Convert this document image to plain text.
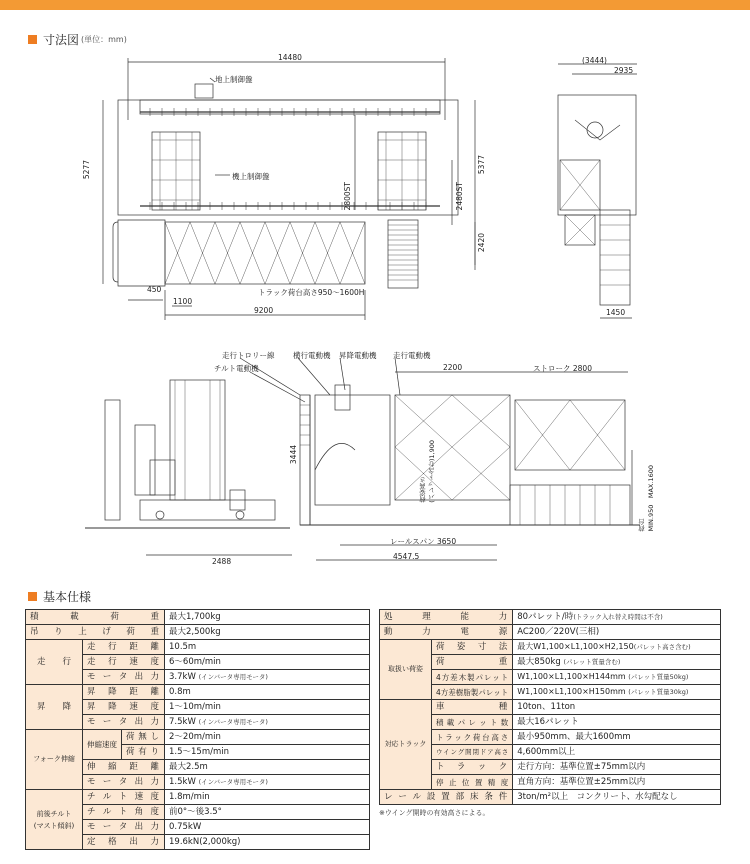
寸法図 (単位：mm)
14480	(3444)
2935
地上制御盤
5277	5377
機上制御盤
2800ST	2480ST
2420
450
1100
トラック荷台高さ950～1600H
9200	1450
走行トロリー線
チルト電動機
横行電動機 昇降電動機 走行電動機
2200	ストローク 2800
3444
荷姿高さ
(パレット含む)1,900
荷台
MIN.950　MAX.1600
レールスパン 3650
2488
4547.5
基本仕様
積　　載　　荷　　重			最大1,700kg
吊 り 上 げ 荷 重			最大2,500kg
走　　行	走 行 距 離		10.5m
	走 行 速 度		6～60m/min
	モ ー タ 出 力		3.7kW (インバータ専用モータ)
昇　　降	昇 降 距 離		0.8m
	昇 降 速 度		1～10m/min
	モ ー タ 出 力		7.5kW (インバータ専用モータ)
フォーク伸縮	伸縮速度	荷無し	2～20m/min
		荷有り	1.5～15m/min
	伸 縮 距 離		最大2.5m
	モ ー タ 出 力		1.5kW (インバータ専用モータ)
前後チルト
(マスト傾斜)	チ ル ト 速 度		1.8m/min
	チ ル ト 角 度		前0°～後3.5°
	モ ー タ 出 力		0.75kW
	定 格 出 力		19.6kN(2,000kg)
処　　理　　能　　力		80パレット/時(トラック入れ替え時間は不含)
動　　力　　電　　源		AC200／220V(三相)
取扱い荷姿	荷 姿 寸 法	最大W1,100×L1,100×H2,150(パレット高さ含む)
	荷　　　重	最大850kg (パレット質量含む)
	4方差木製パレット	W1,100×L1,100×H144mm (パレット質量50kg)
	4方差樹脂製パレット	W1,100×L1,100×H150mm (パレット質量30kg)
対応トラック	車　　　種	10ton、11ton
	積載パレット数	最大16パレット
	トラック荷台高さ	最小950mm、最大1600mm
	ウイング開閉ドア高さ	4,600mm以上
	ト　ラ　ッ　ク	走行方向：基準位置±75mm以内
	停止位置精度	直角方向：基準位置±25mm以内
レール設置部床条件		3ton/m²以上　コンクリート、水勾配なし
※ウイング開時の有効高さによる。
